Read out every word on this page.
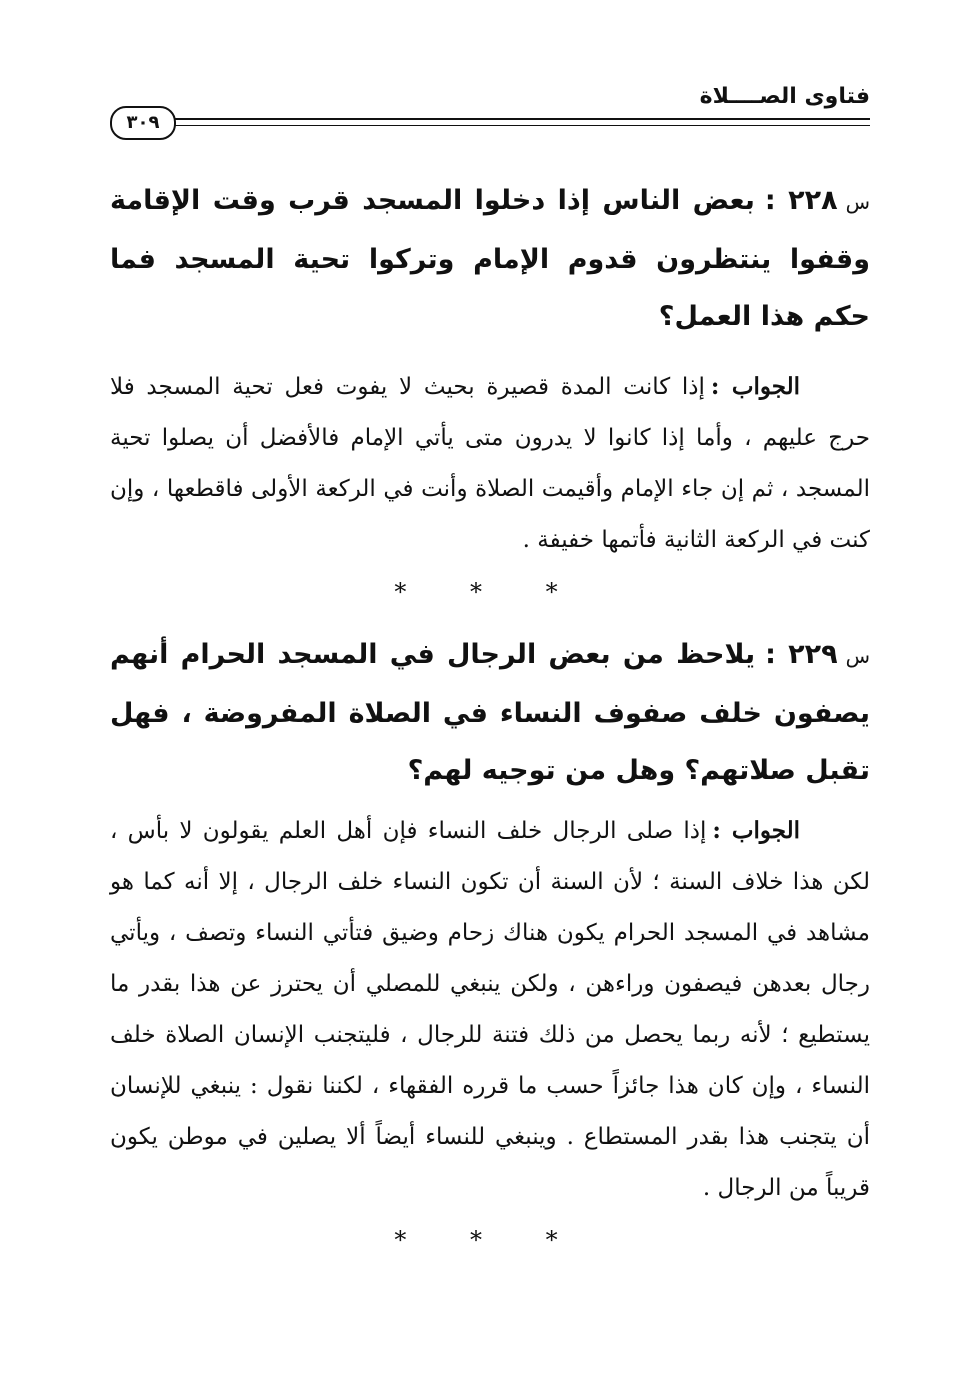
٣٠٩
فتاوى الصــــلاة

س٢٢٨ :بعض الناس إذا دخلوا المسجد قرب وقت الإقامة وقفوا ينتظرون قدوم الإمام وتركوا تحية المسجد فما حكم هذا العمل؟

الجواب :إذا كانت المدة قصيرة بحيث لا يفوت فعل تحية المسجد فلا حرج عليهم ، وأما إذا كانوا لا يدرون متى يأتي الإمام فالأفضل أن يصلوا تحية المسجد ، ثم إن جاء الإمام وأقيمت الصلاة وأنت في الركعة الأولى فاقطعها ، وإن كنت في الركعة الثانية فأتمها خفيفة .

* * *

س٢٢٩ :يلاحظ من بعض الرجال في المسجد الحرام أنهم يصفون خلف صفوف النساء في الصلاة المفروضة ، فهل تقبل صلاتهم؟ وهل من توجيه لهم؟

الجواب :إذا صلى الرجال خلف النساء فإن أهل العلم يقولون لا بأس ، لكن هذا خلاف السنة ؛ لأن السنة أن تكون النساء خلف الرجال ، إلا أنه كما هو مشاهد في المسجد الحرام يكون هناك زحام وضيق فتأتي النساء وتصف ، ويأتي رجال بعدهن فيصفون وراءهن ، ولكن ينبغي للمصلي أن يحترز عن هذا بقدر ما يستطيع ؛ لأنه ربما يحصل من ذلك فتنة للرجال ، فليتجنب الإنسان الصلاة خلف النساء ، وإن كان هذا جائزاً حسب ما قرره الفقهاء ، لكننا نقول : ينبغي للإنسان أن يتجنب هذا بقدر المستطاع . وينبغي للنساء أيضاً ألا يصلين في موطن يكون قريباً من الرجال .

* * *
